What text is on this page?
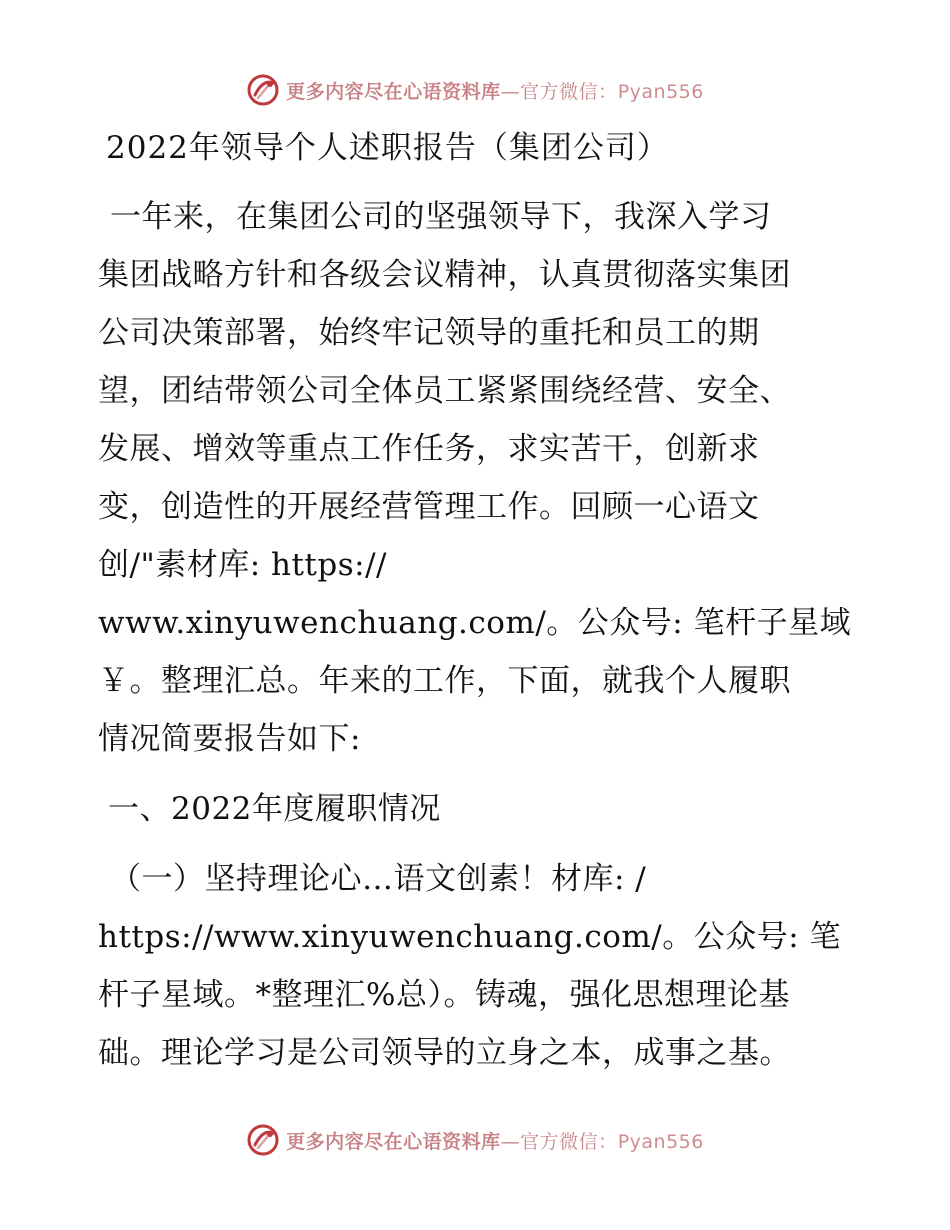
更多内容尽在心语资料库—官方微信：Pyan556

2022年领导个人述职报告（集团公司）

一年来，在集团公司的坚强领导下，我深入学习

集团战略方针和各级会议精神，认真贯彻落实集团

公司决策部署，始终牢记领导的重托和员工的期

望，团结带领公司全体员工紧紧围绕经营、安全、

发展、增效等重点工作任务，求实苦干，创新求

变，创造性的开展经营管理工作。回顾一心语文

创/"素材库: https://

www.xinyuwenchuang.com/。公众号: 笔杆子星域

￥。整理汇总。年来的工作，下面，就我个人履职

情况简要报告如下:

一、2022年度履职情况

（一）坚持理论心…语文创素！材库: /

https://www.xinyuwenchuang.com/。公众号: 笔

杆子星域。*整理汇%总）。铸魂，强化思想理论基

础。理论学习是公司领导的立身之本，成事之基。

更多内容尽在心语资料库—官方微信：Pyan556
